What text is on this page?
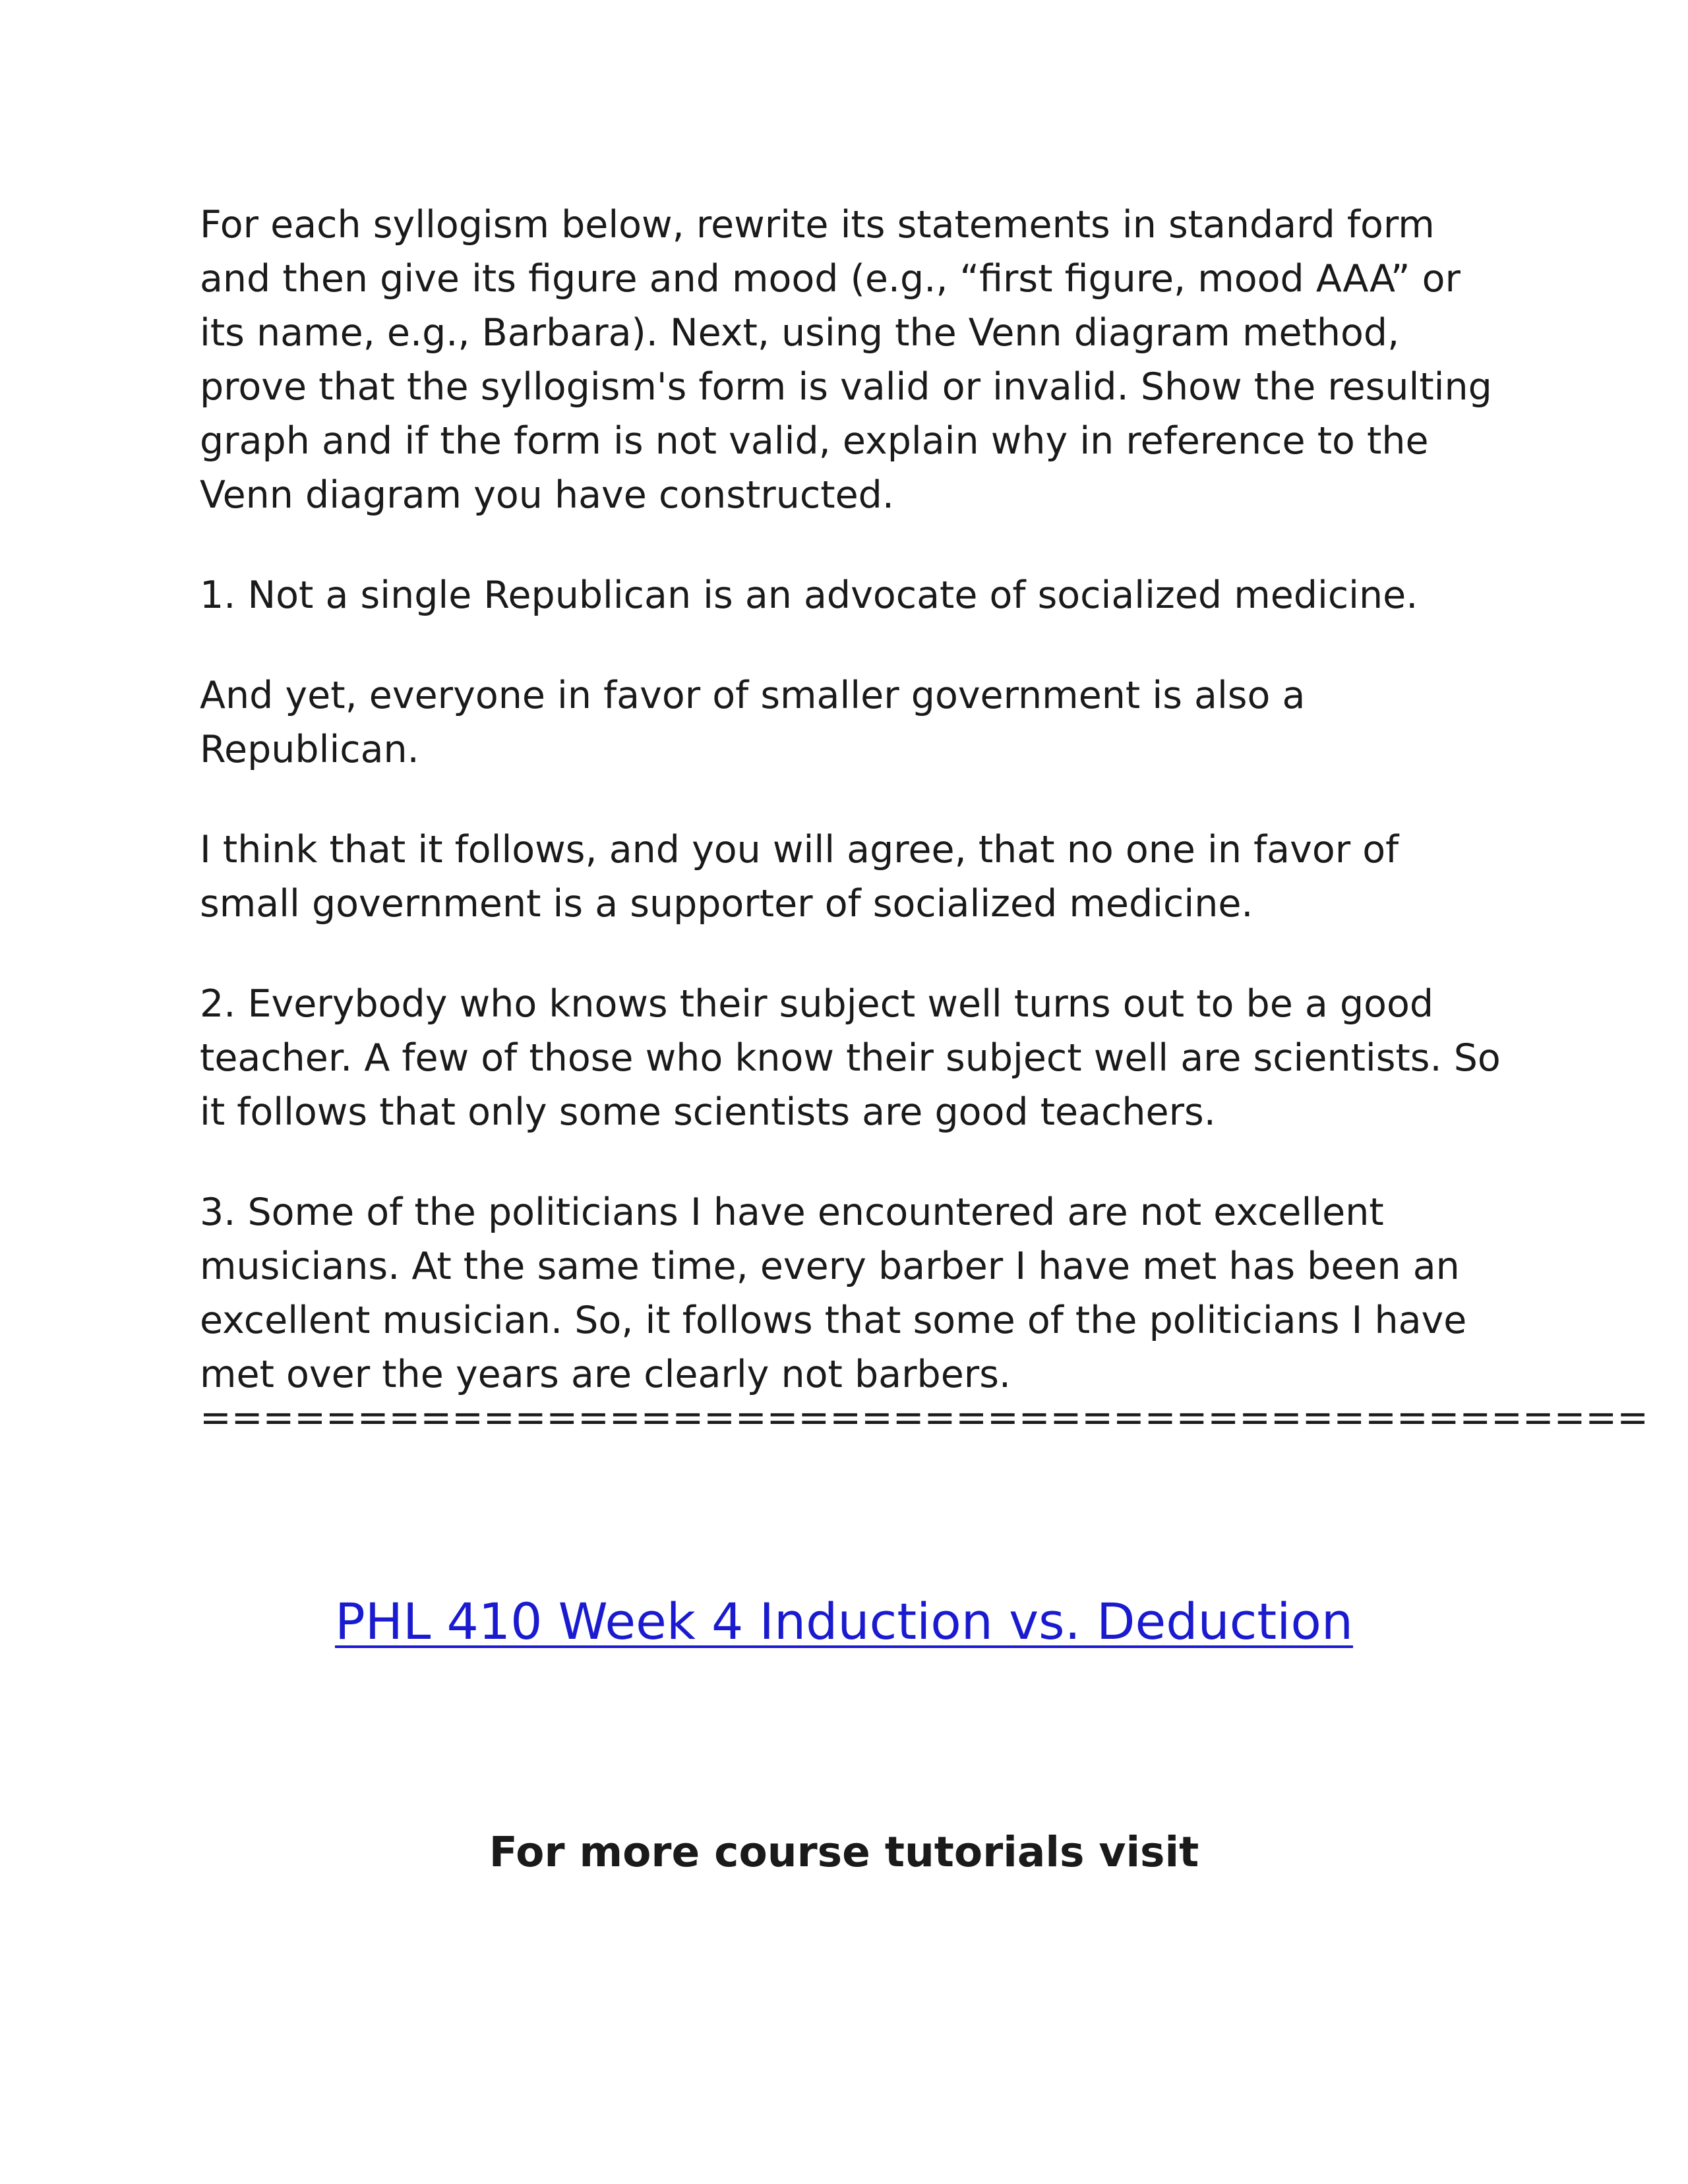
For each syllogism below, rewrite its statements in standard form and then give its figure and mood (e.g., “first figure, mood AAA” or its name, e.g., Barbara). Next, using the Venn diagram method, prove that the syllogism's form is valid or invalid. Show the resulting graph and if the form is not valid, explain why in reference to the Venn diagram you have constructed.

1. Not a single Republican is an advocate of socialized medicine.

And yet, everyone in favor of smaller government is also a Republican.

I think that it follows, and you will agree, that no one in favor of small government is a supporter of socialized medicine.

2. Everybody who knows their subject well turns out to be a good teacher. A few of those who know their subject well are scientists. So it follows that only some scientists are good teachers.

3. Some of the politicians I have encountered are not excellent musicians. At the same time, every barber I have met has been an excellent musician. So, it follows that some of the politicians I have met over the years are clearly not barbers.

==============================================
PHL 410 Week 4 Induction vs. Deduction
For more course tutorials visit
